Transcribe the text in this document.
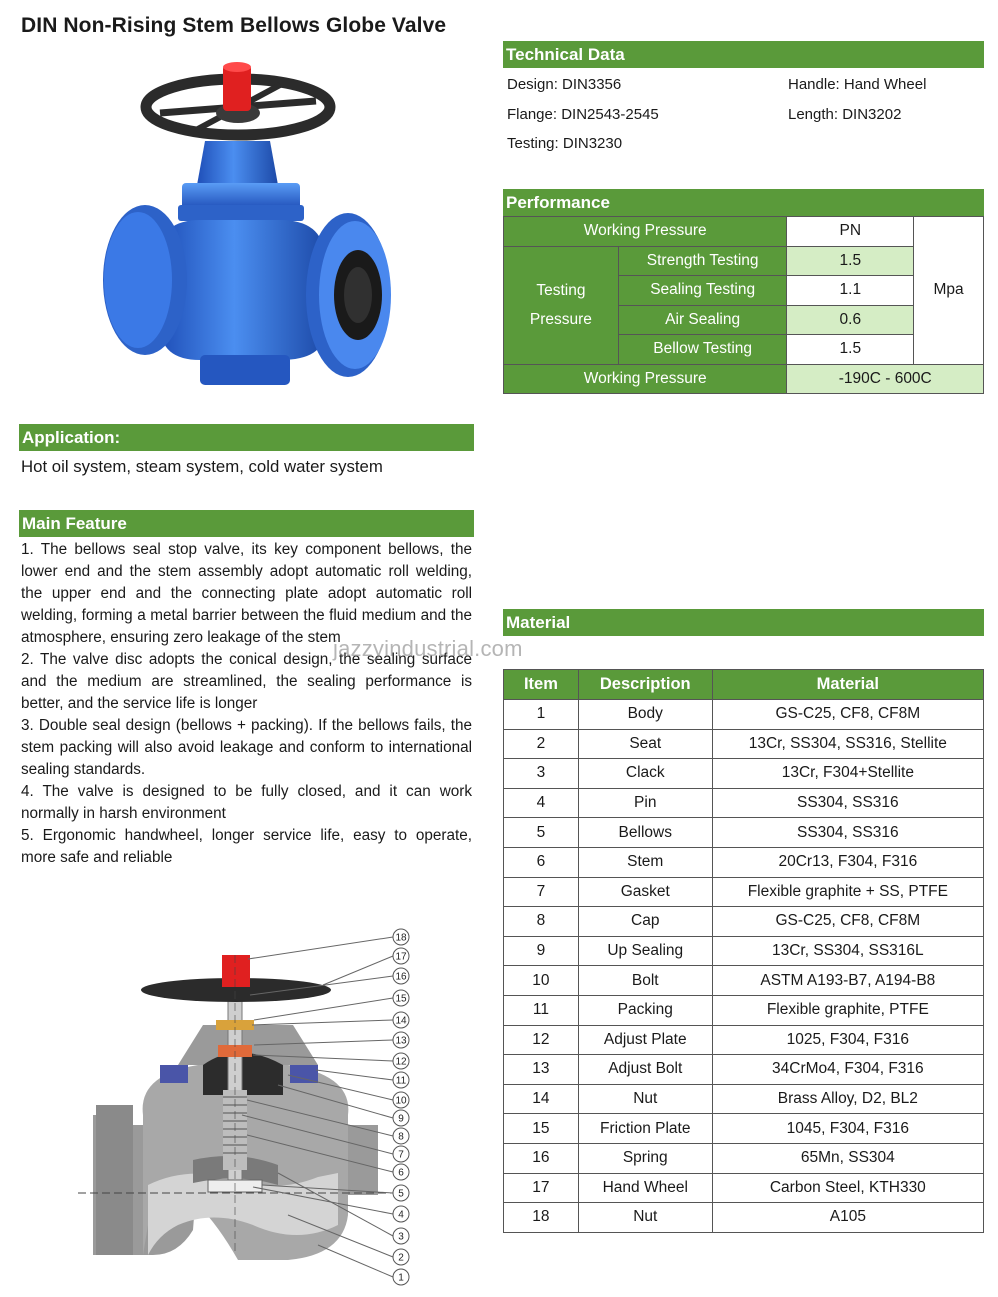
DIN Non-Rising Stem Bellows Globe Valve
Technical Data
Design: DIN3356	Handle: Hand Wheel
Flange: DIN2543-2545	Length: DIN3202
Testing: DIN3230
Performance
Working Pressure		PN	Mpa
Testing
Pressure	Strength Testing	1.5	
	Sealing Testing	1.1	
	Air Sealing	0.6	
	Bellow Testing	1.5	
Working Pressure		-190C - 600C	
Application:
Hot oil system, steam system, cold water system
Main Feature

1. The bellows seal stop valve, its key component bellows, the lower end and the stem assembly adopt automatic roll welding, the upper end and the connecting plate adopt automatic roll welding, forming a metal barrier between the fluid medium and the atmosphere, ensuring zero leakage of the stem

2. The valve disc adopts the conical design, the sealing surface and the medium are streamlined, the sealing performance is better, and the service life is longer

3. Double seal design (bellows + packing). If the bellows fails, the stem packing will also avoid leakage and conform to international sealing standards.

4. The valve is designed to be fully closed, and it can work normally in harsh environment

5. Ergonomic handwheel, longer service life, easy to operate, more safe and reliable

jazzyindustrial.com
Material
Item	Description	Material
1	Body	GS-C25, CF8, CF8M
2	Seat	13Cr, SS304, SS316, Stellite
3	Clack	13Cr, F304+Stellite
4	Pin	SS304, SS316
5	Bellows	SS304, SS316
6	Stem	20Cr13, F304, F316
7	Gasket	Flexible graphite + SS, PTFE
8	Cap	GS-C25, CF8, CF8M
9	Up Sealing	13Cr, SS304, SS316L
10	Bolt	ASTM A193-B7, A194-B8
11	Packing	Flexible graphite, PTFE
12	Adjust Plate	1025, F304, F316
13	Adjust Bolt	34CrMo4, F304, F316
14	Nut	Brass Alloy, D2, BL2
15	Friction Plate	1045, F304, F316
16	Spring	65Mn, SS304
17	Hand Wheel	Carbon Steel, KTH330
18	Nut	A105
18
17
16
15
14
13
12
11
10
9
8
7
6
5
4
3
2
1
